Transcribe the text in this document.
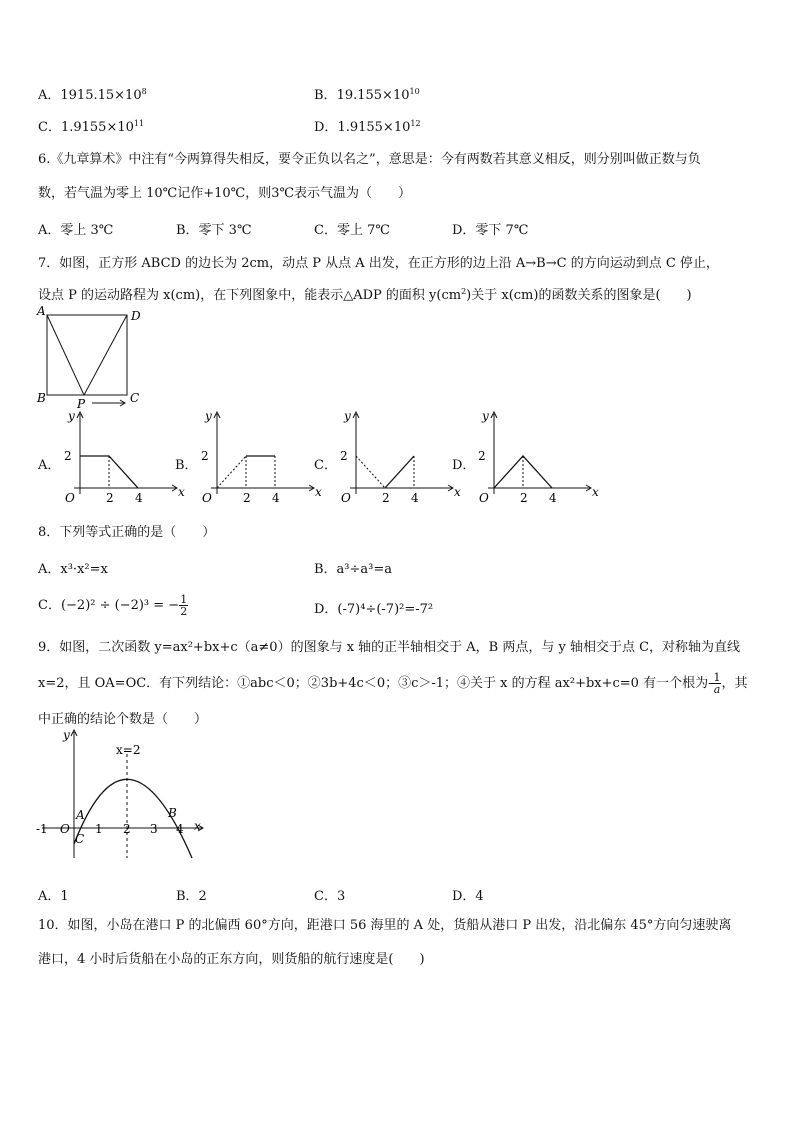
A．$1915.15\times 10^8$	B．$19.155\times 10^{10}$
C．$1.9155\times 10^{11}$	D．$1.9155\times 10^{12}$
6.《九章算术》中注有“今两算得失相反，要令正负以名之”，意思是：今有两数若其意义相反，则分别叫做正数与负
数，若气温为零上 10℃记作+10℃，则3℃表示气温为（　　）
A．零上 3℃	B．零下 3℃	C．零上 7℃	D．零下 7℃
7．如图，正方形 ABCD 的边长为 2cm，动点 P 从点 A 出发，在正方形的边上沿 A→B→C 的方向运动到点 C 停止，
设点 P 的运动路程为 x(cm)，在下列图象中，能表示△ADP 的面积 $y(cm^2)$关于 x(cm)的函数关系的图象是(　　)
A	D
B	C
P
A．
y
x
O
2
2 4
B．
y
x
O
2
2 4
C．
y
x
O
2
2 4
D．
y
x
O
2
2 4
8．下列等式正确的是（　　）
A．x³·x²=x	B．a³÷a³=a
C．(−2)² ÷ (−2)³ = − $\frac{1}{2}$	D．(-7)⁴÷(-7)²=-7²
9．如图，二次函数 y=ax²+bx+c（a≠0）的图象与 x 轴的正半轴相交于 A，B 两点，与 y 轴相交于点 C，对称轴为直线
x=2，且 OA=OC．有下列结论：①abc＜0；②3b+4c＜0；③c＞-1；④关于 x 的方程 ax²+bx+c=0 有一个根为- $\frac{1}{a}$ ，其
中正确的结论个数是（　　）
y
x
x=2
A	B
C
O
-1	1 2 3 4
A．1	B．2	C．3	D．4
10．如图，小岛在港口 P 的北偏西 60°方向，距港口 56 海里的 A 处，货船从港口 P 出发，沿北偏东 45°方向匀速驶离
港口，4 小时后货船在小岛的正东方向，则货船的航行速度是(　　)
